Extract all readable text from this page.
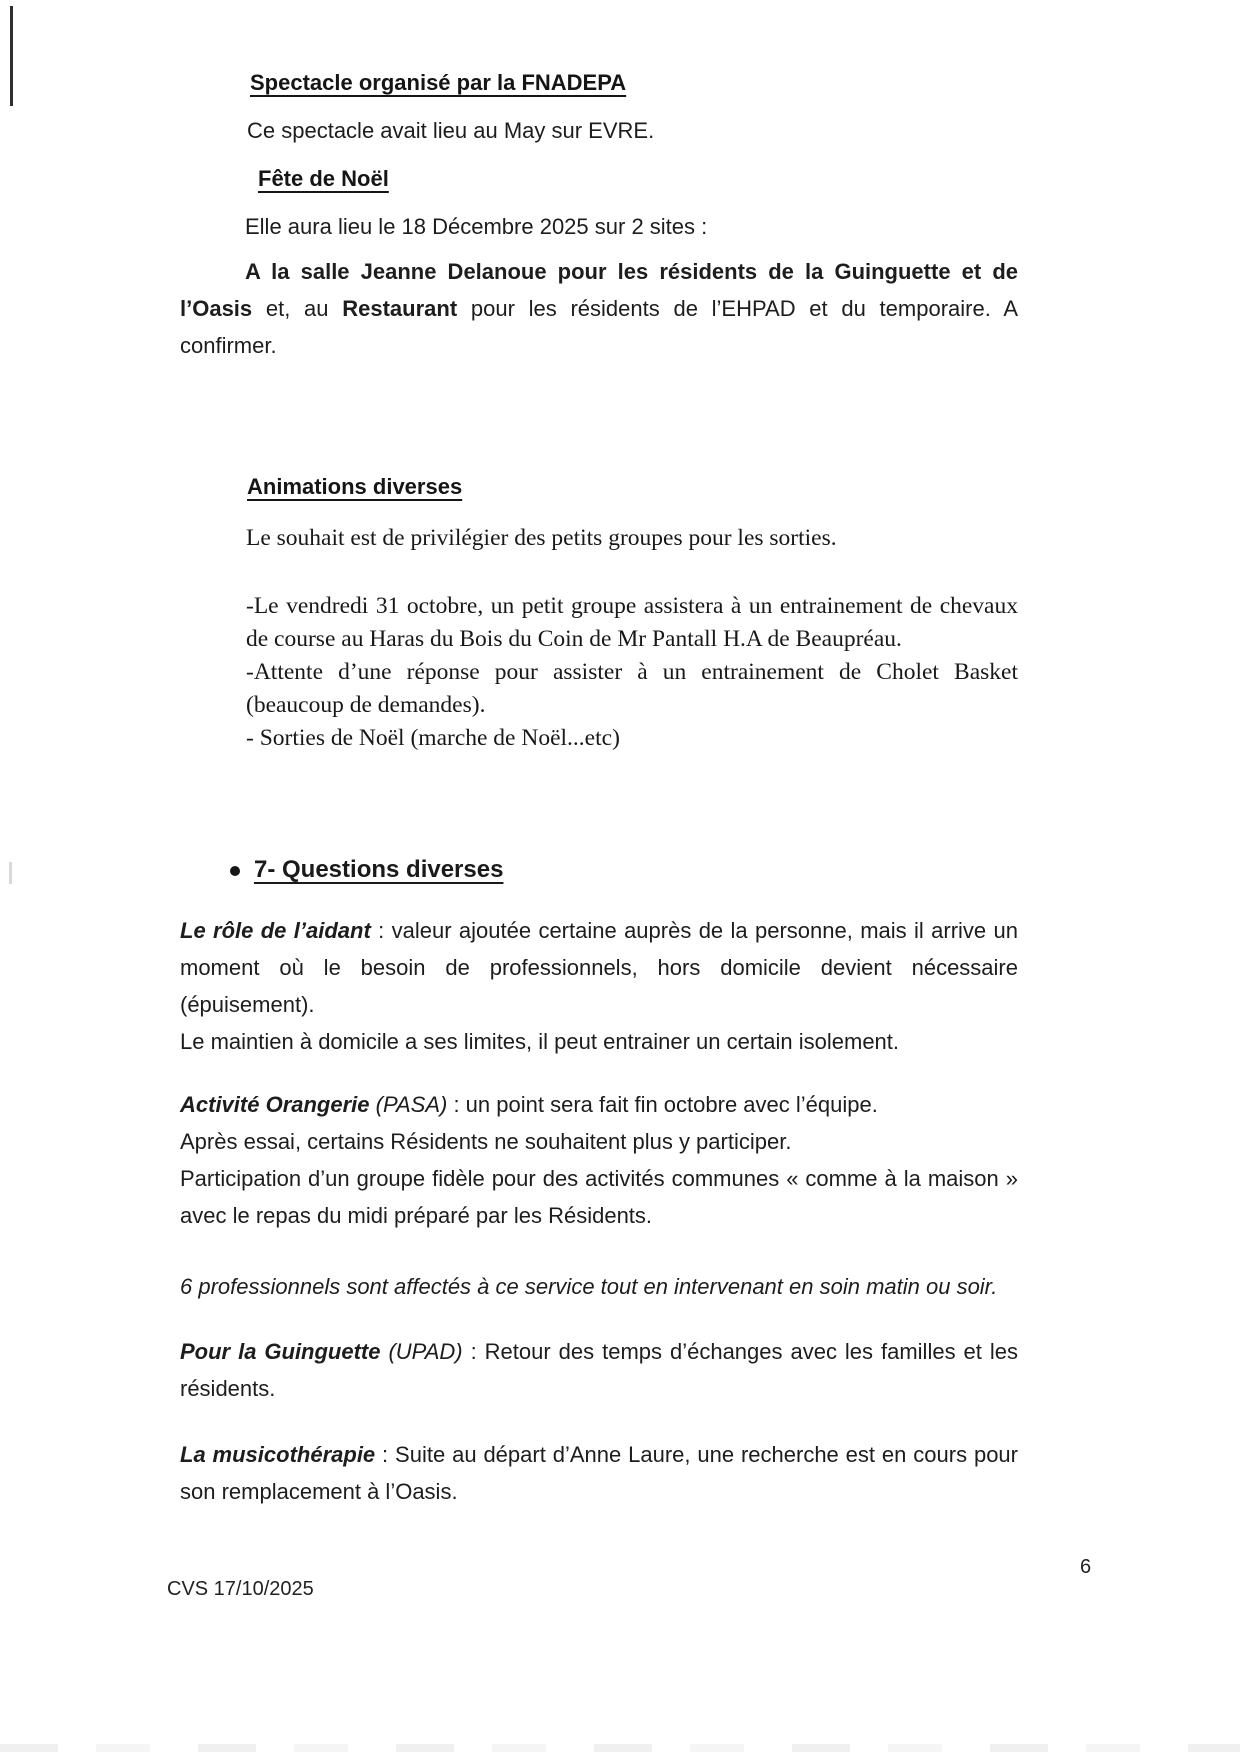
Spectacle organisé par la FNADEPA

Ce spectacle avait lieu au May sur EVRE.

Fête de Noël

Elle aura lieu le 18 Décembre 2025 sur 2 sites :

A la salle Jeanne Delanoue pour les résidents de la Guinguette et de l’Oasis et, au Restaurant pour les résidents de l’EHPAD et du temporaire. A confirmer.

Animations diverses

Le souhait est de privilégier des petits groupes pour les sorties.

-Le vendredi 31 octobre, un petit groupe assistera à un entrainement de chevaux de course au Haras du Bois du Coin de Mr Pantall H.A de Beaupréau.

-Attente d’une réponse pour assister à un entrainement de Cholet Basket (beaucoup de demandes).

- Sorties de Noël (marche de Noël...etc)

7- Questions diverses

Le rôle de l’aidant : valeur ajoutée certaine auprès de la personne, mais il arrive un moment où le besoin de professionnels, hors domicile devient nécessaire (épuisement).

Le maintien à domicile a ses limites, il peut entrainer un certain isolement.

Activité Orangerie (PASA) : un point sera fait fin octobre avec l’équipe.

Après essai, certains Résidents ne souhaitent plus y participer.

Participation d’un groupe fidèle pour des activités communes « comme à la maison » avec le repas du midi préparé par les Résidents.

6 professionnels sont affectés à ce service tout en intervenant en soin matin ou soir.

Pour la Guinguette (UPAD) : Retour des temps d’échanges avec les familles et les résidents.

La musicothérapie : Suite au départ d’Anne Laure, une recherche est en cours pour son remplacement à l’Oasis.

CVS 17/10/2025
6
